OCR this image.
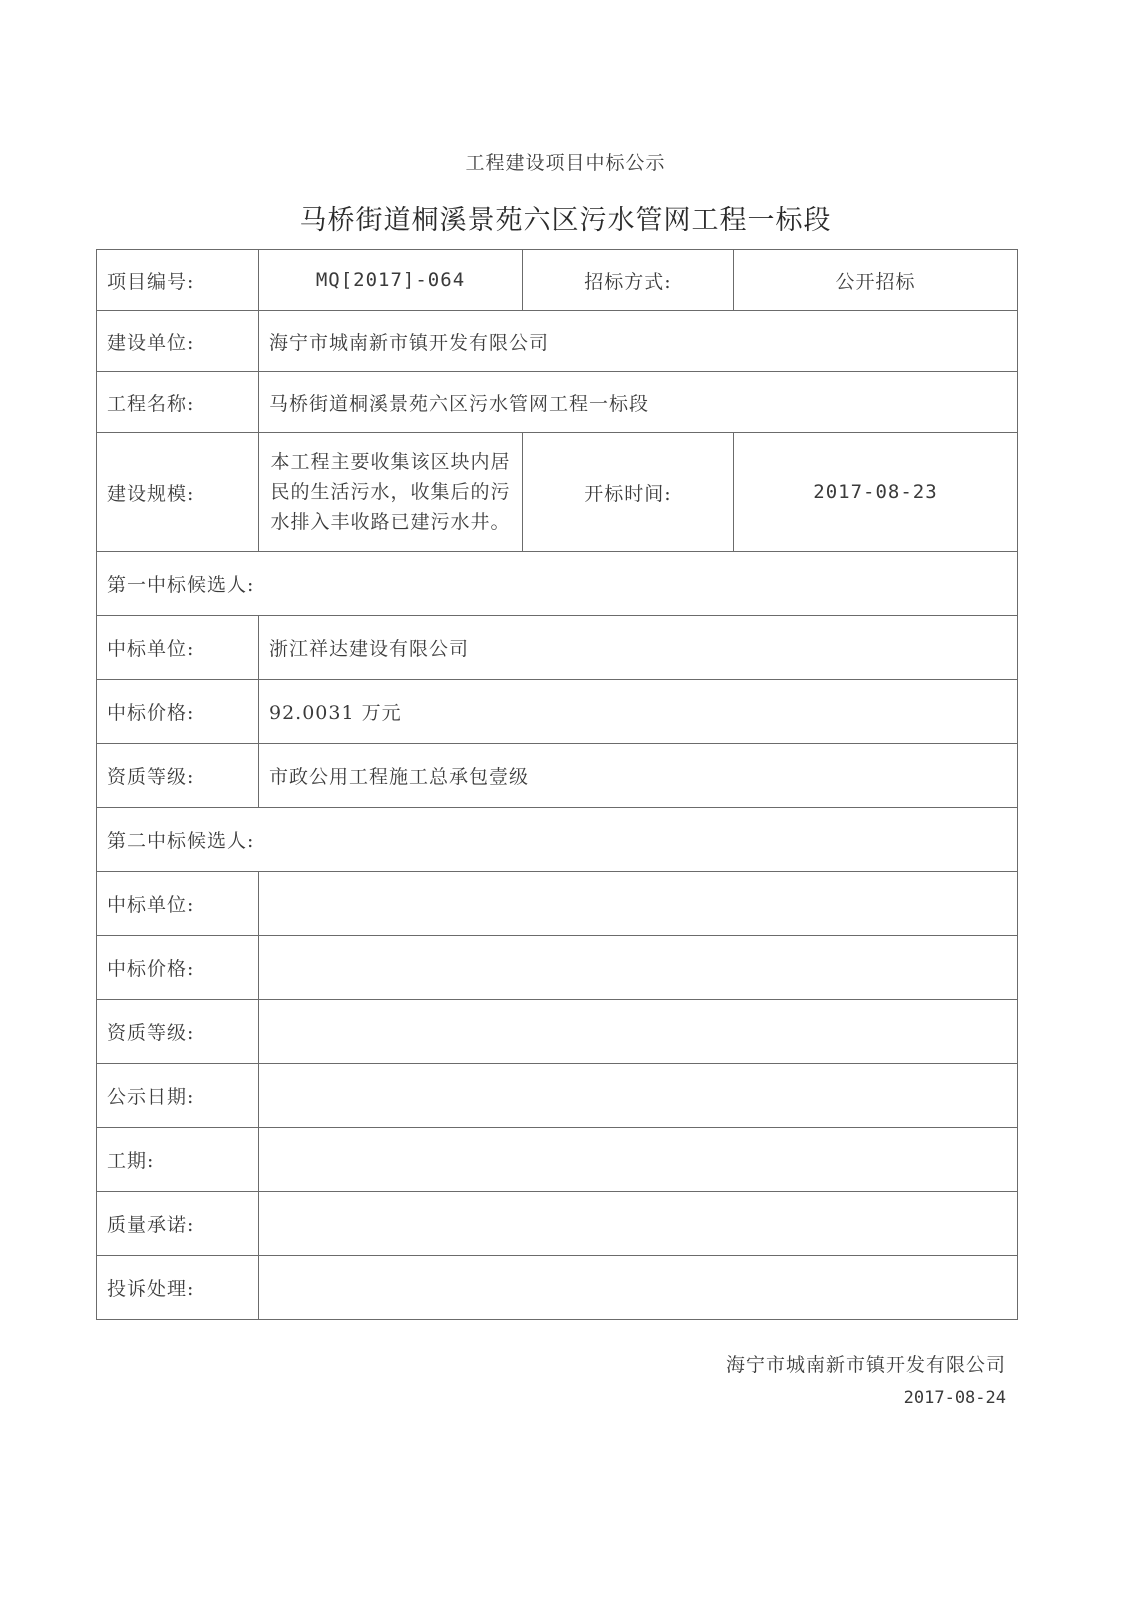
工程建设项目中标公示
马桥街道桐溪景苑六区污水管网工程一标段
项目编号:	MQ[2017]-064	招标方式:	公开招标
建设单位:	海宁市城南新市镇开发有限公司		
工程名称:	马桥街道桐溪景苑六区污水管网工程一标段		
建设规模:	本工程主要收集该区块内居民的生活污水，收集后的污水排入丰收路已建污水井。	开标时间:	2017-08-23
第一中标候选人:			
中标单位:	浙江祥达建设有限公司		
中标价格:	92.0031 万元		
资质等级:	市政公用工程施工总承包壹级		
第二中标候选人:			
中标单位:			
中标价格:			
资质等级:			
公示日期:			
工期:			
质量承诺:			
投诉处理:			
海宁市城南新市镇开发有限公司
2017-08-24
